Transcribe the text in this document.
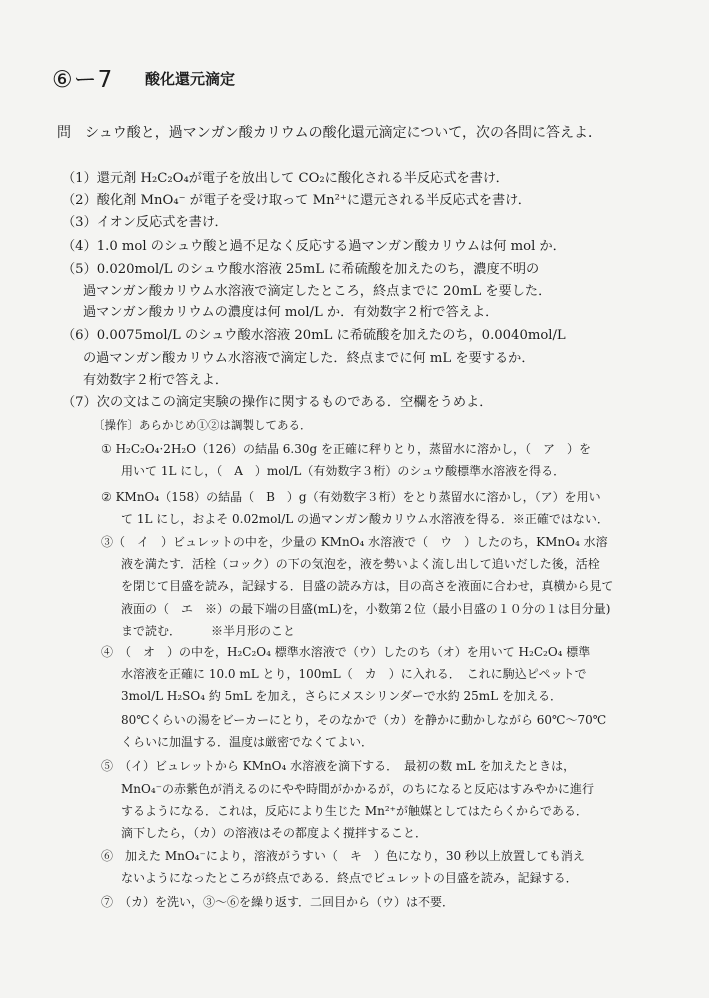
⑥ー7 酸化還元滴定
問　シュウ酸と，過マンガン酸カリウムの酸化還元滴定について，次の各問に答えよ．
（1）還元剤 H₂C₂O₄が電子を放出して CO₂に酸化される半反応式を書け．
（2）酸化剤 MnO₄⁻ が電子を受け取って Mn²⁺に還元される半反応式を書け．
（3）イオン反応式を書け．
（4）1.0 mol のシュウ酸と過不足なく反応する過マンガン酸カリウムは何 mol か．
（5）0.020mol/L のシュウ酸水溶液 25mL に希硫酸を加えたのち，濃度不明の
過マンガン酸カリウム水溶液で滴定したところ，終点までに 20mL を要した．
過マンガン酸カリウムの濃度は何 mol/L か．有効数字２桁で答えよ．
（6）0.0075mol/L のシュウ酸水溶液 20mL に希硫酸を加えたのち，0.0040mol/L
の過マンガン酸カリウム水溶液で滴定した．終点までに何 mL を要するか．
有効数字２桁で答えよ．
（7）次の文はこの滴定実験の操作に関するものである．空欄をうめよ．
〔操作〕あらかじめ①②は調製してある．
① H₂C₂O₄·2H₂O（126）の結晶 6.30g を正確に秤りとり，蒸留水に溶かし，（　ア　）を
用いて 1L にし，（　A　）mol/L（有効数字３桁）のシュウ酸標準水溶液を得る．
② KMnO₄（158）の結晶（　B　）g（有効数字３桁）をとり蒸留水に溶かし，（ア）を用い
て 1L にし，およそ 0.02mol/L の過マンガン酸カリウム水溶液を得る．※正確ではない．
③（　イ　）ビュレットの中を，少量の KMnO₄ 水溶液で（　ウ　）したのち，KMnO₄ 水溶
液を満たす．活栓（コック）の下の気泡を，液を勢いよく流し出して追いだした後，活栓
を閉じて目盛を読み，記録する．目盛の読み方は，目の高さを液面に合わせ，真横から見て
液面の（　エ　※）の最下端の目盛(mL)を，小数第２位（最小目盛の１０分の１は目分量)
まで読む．　　　※半月形のこと
④　（　オ　）の中を，H₂C₂O₄ 標準水溶液で（ウ）したのち（オ）を用いて H₂C₂O₄ 標準
水溶液を正確に 10.0 mL とり，100mL（　カ　）に入れる．　これに駒込ピペットで
3mol/L H₂SO₄ 約 5mL を加え，さらにメスシリンダーで水約 25mL を加える．
80℃くらいの湯をビーカーにとり，そのなかで（カ）を静かに動かしながら 60℃〜70℃
くらいに加温する．温度は厳密でなくてよい．
⑤　（イ）ビュレットから KMnO₄ 水溶液を滴下する．　最初の数 mL を加えたときは，
MnO₄⁻の赤紫色が消えるのにやや時間がかかるが，のちになると反応はすみやかに進行
するようになる．これは，反応により生じた Mn²⁺が触媒としてはたらくからである．
滴下したら，（カ）の溶液はその都度よく撹拌すること．
⑥　加えた MnO₄⁻により，溶液がうすい（　キ　）色になり，30 秒以上放置しても消え
ないようになったところが終点である．終点でビュレットの目盛を読み，記録する．
⑦　（カ）を洗い，③〜⑥を繰り返す．二回目から（ウ）は不要．
